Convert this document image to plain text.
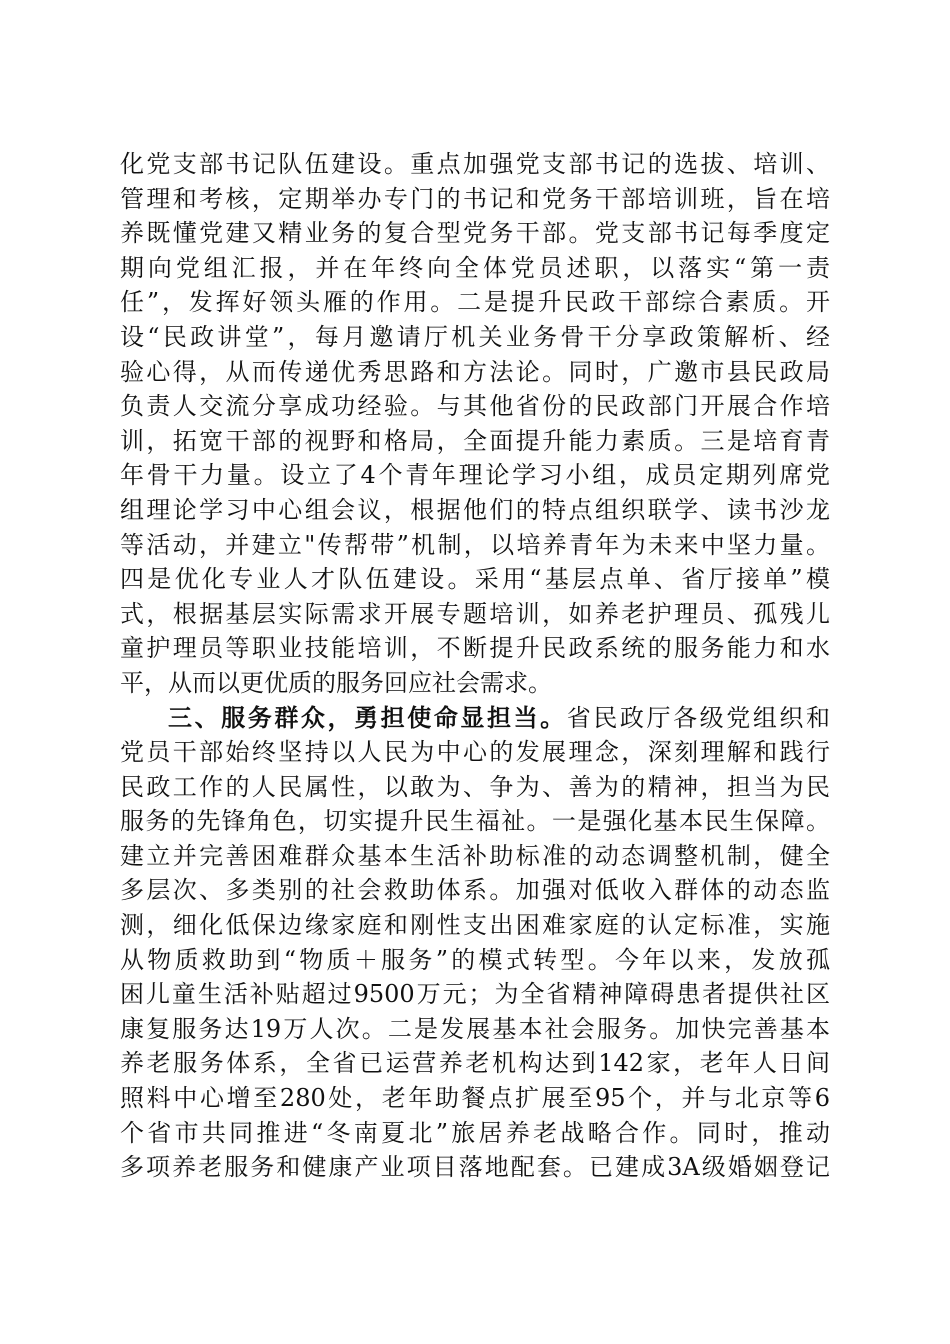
化党支部书记队伍建设。重点加强党支部书记的选拔、培训、
管理和考核，定期举办专门的书记和党务干部培训班，旨在培
养既懂党建又精业务的复合型党务干部。党支部书记每季度定
期向党组汇报，并在年终向全体党员述职，以落实“第一责
任”，发挥好领头雁的作用。二是提升民政干部综合素质。开
设“民政讲堂”，每月邀请厅机关业务骨干分享政策解析、经
验心得，从而传递优秀思路和方法论。同时，广邀市县民政局
负责人交流分享成功经验。与其他省份的民政部门开展合作培
训，拓宽干部的视野和格局，全面提升能力素质。三是培育青
年骨干力量。设立了4个青年理论学习小组，成员定期列席党
组理论学习中心组会议，根据他们的特点组织联学、读书沙龙
等活动，并建立"传帮带”机制，以培养青年为未来中坚力量。
四是优化专业人才队伍建设。采用“基层点单、省厅接单”模
式，根据基层实际需求开展专题培训，如养老护理员、孤残儿
童护理员等职业技能培训，不断提升民政系统的服务能力和水
平，从而以更优质的服务回应社会需求。
三、服务群众，勇担使命显担当。省民政厅各级党组织和
党员干部始终坚持以人民为中心的发展理念，深刻理解和践行
民政工作的人民属性，以敢为、争为、善为的精神，担当为民
服务的先锋角色，切实提升民生福祉。一是强化基本民生保障。
建立并完善困难群众基本生活补助标准的动态调整机制，健全
多层次、多类别的社会救助体系。加强对低收入群体的动态监
测，细化低保边缘家庭和刚性支出困难家庭的认定标准，实施
从物质救助到“物质＋服务”的模式转型。今年以来，发放孤
困儿童生活补贴超过9500万元；为全省精神障碍患者提供社区
康复服务达19万人次。二是发展基本社会服务。加快完善基本
养老服务体系，全省已运营养老机构达到142家，老年人日间
照料中心增至280处，老年助餐点扩展至95个，并与北京等6
个省市共同推进“冬南夏北”旅居养老战略合作。同时，推动
多项养老服务和健康产业项目落地配套。已建成3A级婚姻登记
